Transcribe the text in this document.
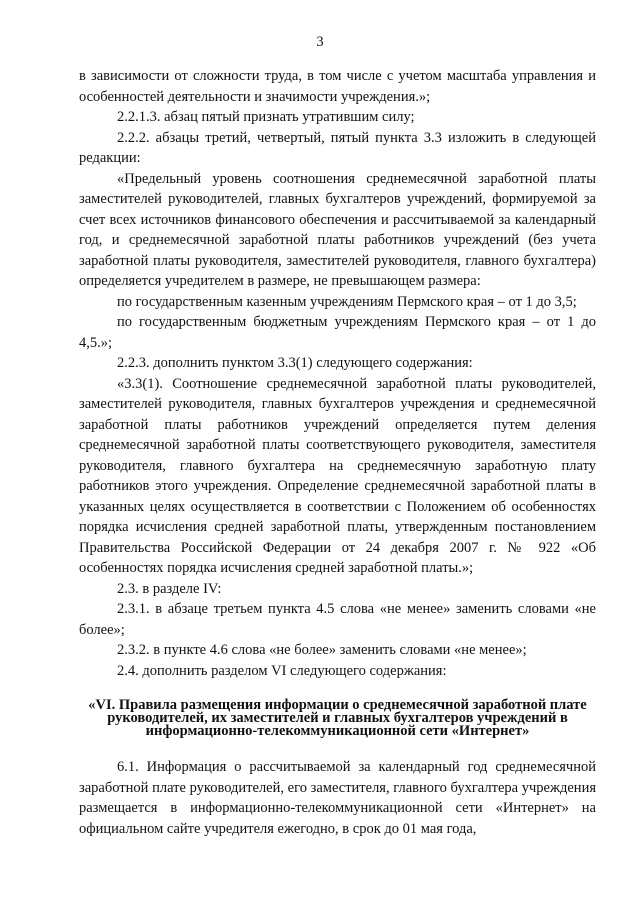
3

в зависимости от сложности труда, в том числе с учетом масштаба управления и особенностей деятельности и значимости учреждения.»;

2.2.1.3. абзац пятый признать утратившим силу;

2.2.2. абзацы третий, четвертый, пятый пункта 3.3 изложить в следующей редакции:

«Предельный уровень соотношения среднемесячной заработной платы заместителей руководителей, главных бухгалтеров учреждений, формируемой за счет всех источников финансового обеспечения и рассчитываемой за календарный год, и среднемесячной заработной платы работников учреждений (без учета заработной платы руководителя, заместителей руководителя, главного бухгалтера) определяется учредителем в размере, не превышающем размера:

по государственным казенным учреждениям Пермского края – от 1 до 3,5;

по государственным бюджетным учреждениям Пермского края – от 1 до 4,5.»;

2.2.3. дополнить пунктом 3.3(1) следующего содержания:

«3.3(1). Соотношение среднемесячной заработной платы руководителей, заместителей руководителя, главных бухгалтеров учреждения и среднемесячной заработной платы работников учреждений определяется путем деления среднемесячной заработной платы соответствующего руководителя, заместителя руководителя, главного бухгалтера на среднемесячную заработную плату работников этого учреждения. Определение среднемесячной заработной платы в указанных целях осуществляется в соответствии с Положением об особенностях порядка исчисления средней заработной платы, утвержденным постановлением Правительства Российской Федерации от 24 декабря 2007 г. № 922 «Об особенностях порядка исчисления средней заработной платы.»;

2.3. в разделе IV:

2.3.1. в абзаце третьем пункта 4.5 слова «не менее» заменить словами «не более»;

2.3.2. в пункте 4.6 слова «не более» заменить словами «не менее»;

2.4. дополнить разделом VI следующего содержания:

«VI. Правила размещения информации о среднемесячной заработной плате руководителей, их заместителей и главных бухгалтеров учреждений в информационно-телекоммуникационной сети «Интернет»

6.1. Информация о рассчитываемой за календарный год среднемесячной заработной плате руководителей, его заместителя, главного бухгалтера учреждения размещается в информационно-телекоммуникационной сети «Интернет» на официальном сайте учредителя ежегодно, в срок до 01 мая года,
